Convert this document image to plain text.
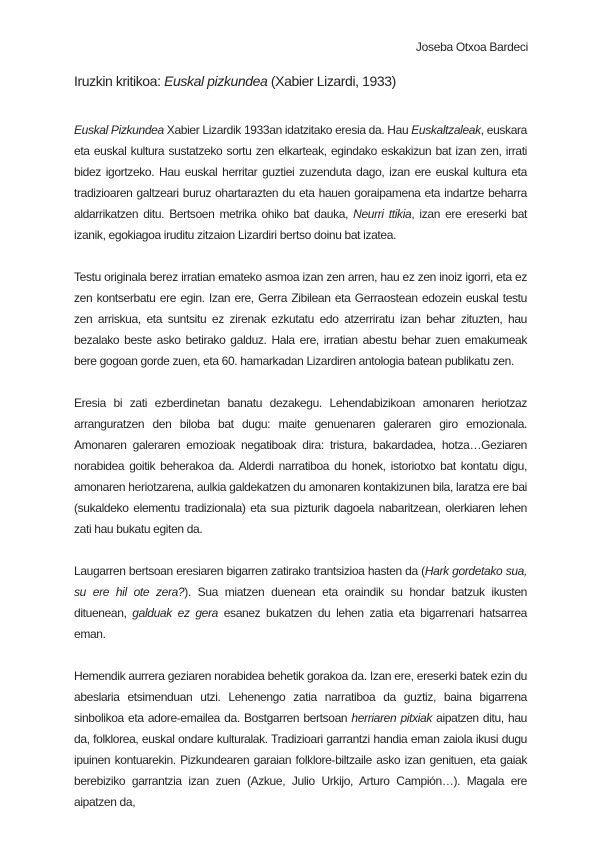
Joseba Otxoa Bardeci
Iruzkin kritikoa: Euskal pizkundea (Xabier Lizardi, 1933)

Euskal Pizkundea Xabier Lizardik 1933an idatzitako eresia da. Hau Euskaltzaleak, euskara eta euskal kultura sustatzeko sortu zen elkarteak, egindako eskakizun bat izan zen, irrati bidez igortzeko. Hau euskal herritar guztiei zuzenduta dago, izan ere euskal kultura eta tradizioaren galtzeari buruz ohartarazten du eta hauen goraipamena eta indartze beharra aldarrikatzen ditu. Bertsoen metrika ohiko bat dauka, Neurri ttikia, izan ere ereserki bat izanik, egokiagoa iruditu zitzaion Lizardiri bertso doinu bat izatea.

Testu originala berez irratian emateko asmoa izan zen arren, hau ez zen inoiz igorri, eta ez zen kontserbatu ere egin. Izan ere, Gerra Zibilean eta Gerraostean edozein euskal testu zen arriskua, eta suntsitu ez zirenak ezkutatu edo atzerriratu izan behar zituzten, hau bezalako beste asko betirako galduz. Hala ere, irratian abestu behar zuen emakumeak bere gogoan gorde zuen, eta 60. hamarkadan Lizardiren antologia batean publikatu zen.

Eresia bi zati ezberdinetan banatu dezakegu. Lehendabizikoan amonaren heriotzaz arranguratzen den biloba bat dugu: maite genuenaren galeraren giro emozionala. Amonaren galeraren emozioak negatiboak dira: tristura, bakardadea, hotza…Geziaren norabidea goitik beherakoa da. Alderdi narratiboa du honek, istoriotxo bat kontatu digu, amonaren heriotzarena, aulkia galdekatzen du amonaren kontakizunen bila, laratza ere bai (sukaldeko elementu tradizionala) eta sua pizturik dagoela nabaritzean, olerkiaren lehen zati hau bukatu egiten da.

Laugarren bertsoan eresiaren bigarren zatirako trantsizioa hasten da (Hark gordetako sua, su ere hil ote zera?). Sua miatzen duenean eta oraindik su hondar batzuk ikusten dituenean, galduak ez gera esanez bukatzen du lehen zatia eta bigarrenari hatsarrea eman.

Hemendik aurrera geziaren norabidea behetik gorakoa da. Izan ere, ereserki batek ezin du abeslaria etsimenduan utzi. Lehenengo zatia narratiboa da guztiz, baina bigarrena sinbolikoa eta adore-emailea da. Bostgarren bertsoan herriaren pitxiak aipatzen ditu, hau da, folklorea, euskal ondare kulturalak. Tradizioari garrantzi handia eman zaiola ikusi dugu ipuinen kontuarekin. Pizkundearen garaian folklore-biltzaile asko izan genituen, eta gaiak berebiziko garrantzia izan zuen (Azkue, Julio Urkijo, Arturo Campión…). Magala ere aipatzen da,
